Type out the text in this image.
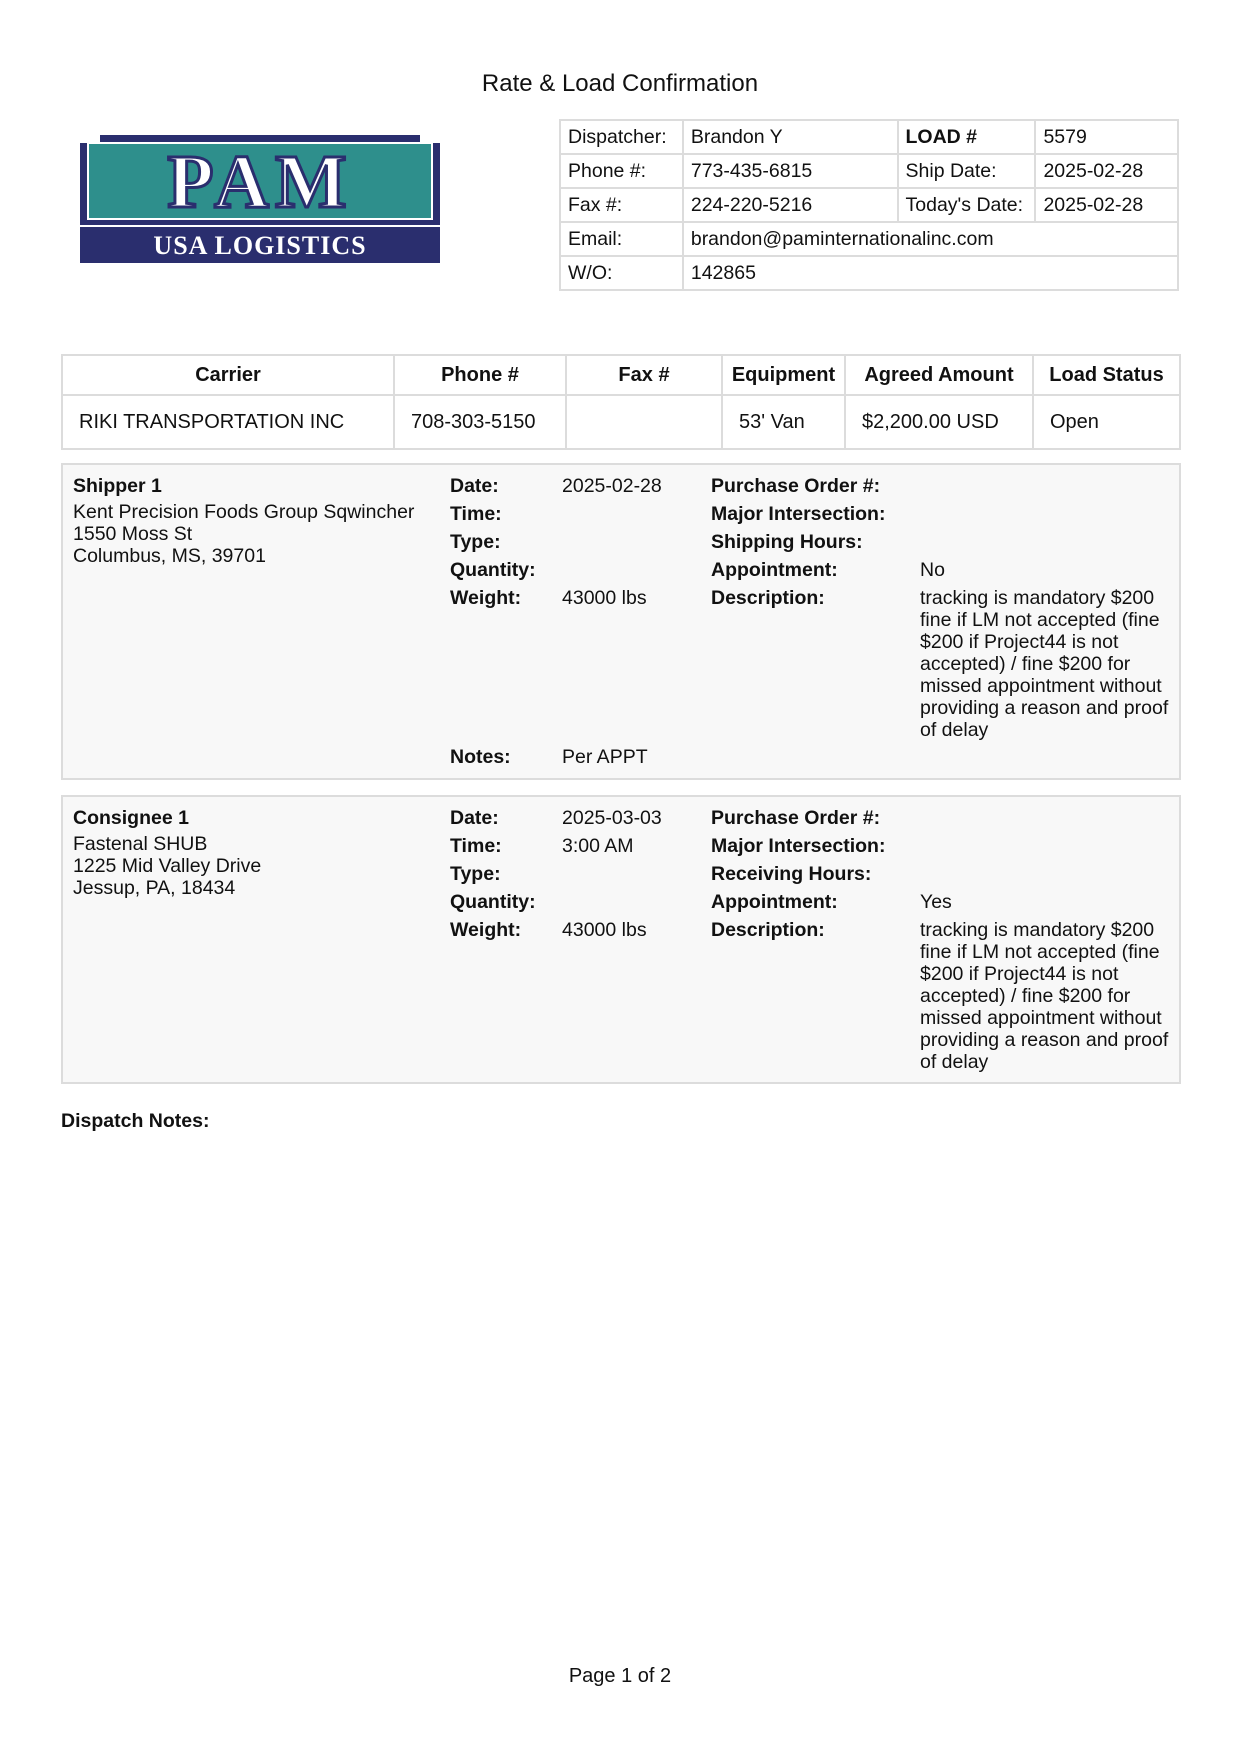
Rate & Load Confirmation
PAM
USA LOGISTICS
Dispatcher:	Brandon Y	LOAD #	5579
Phone #:	773-435-6815	Ship Date:	2025-02-28
Fax #:	224-220-5216	Today's Date:	2025-02-28
Email:	brandon@paminternationalinc.com		
W/O:	142865		
Carrier	Phone #	Fax #	Equipment	Agreed Amount	Load Status
RIKI TRANSPORTATION INC	708-303-5150		53' Van	$2,200.00 USD	Open
Shipper 1
Kent Precision Foods Group Sqwincher
1550 Moss St
Columbus, MS, 39701
Date:	2025-02-28
Time:
Type:
Quantity:
Weight: 43000 lbs
Notes:	Per APPT
Purchase Order #:
Major Intersection:
Shipping Hours:
Appointment:	No
Description:	tracking is mandatory $200 fine if LM not accepted (fine $200 if Project44 is not accepted) / fine $200 for missed appointment without providing a reason and proof of delay
Consignee 1
Fastenal SHUB
1225 Mid Valley Drive
Jessup, PA, 18434
Date:	2025-03-03
Time:	3:00 AM
Type:
Quantity:
Weight: 43000 lbs
Purchase Order #:
Major Intersection:
Receiving Hours:
Appointment:	Yes
Description:	tracking is mandatory $200 fine if LM not accepted (fine $200 if Project44 is not accepted) / fine $200 for missed appointment without providing a reason and proof of delay
Dispatch Notes:
Page 1 of 2
